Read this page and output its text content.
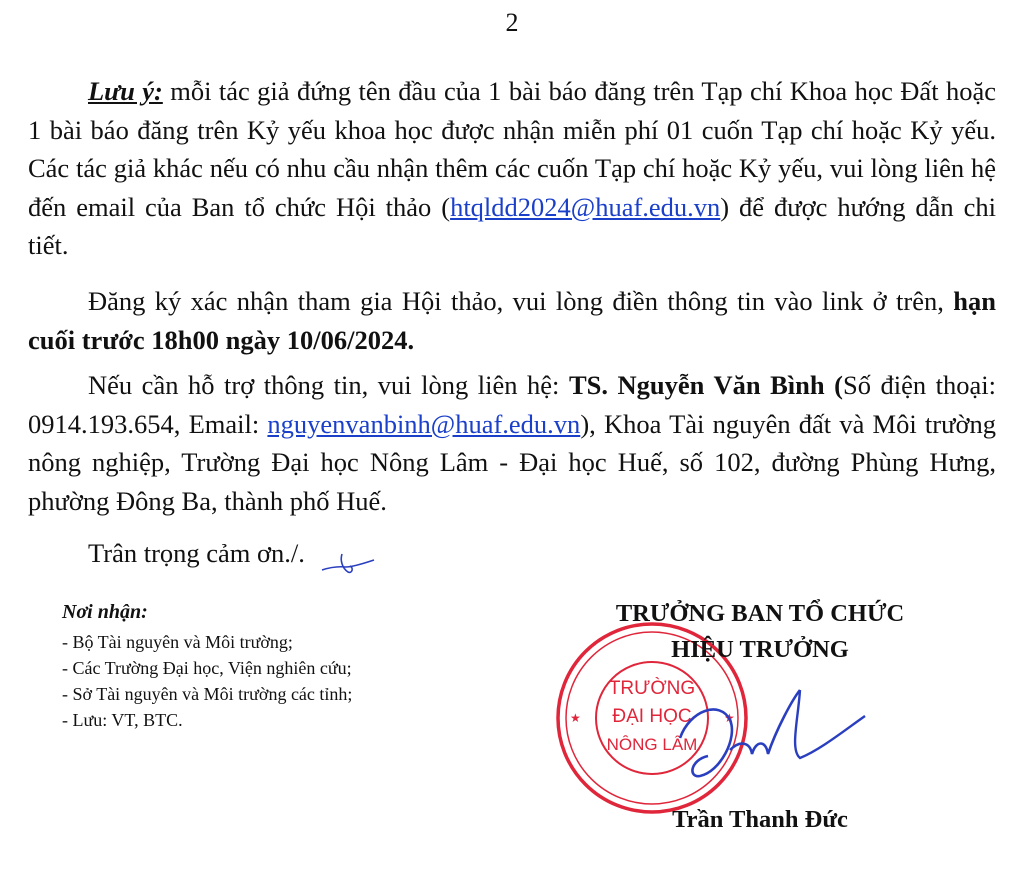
2
Lưu ý: mỗi tác giả đứng tên đầu của 1 bài báo đăng trên Tạp chí Khoa học Đất hoặc 1 bài báo đăng trên Kỷ yếu khoa học được nhận miễn phí 01 cuốn Tạp chí hoặc Kỷ yếu. Các tác giả khác nếu có nhu cầu nhận thêm các cuốn Tạp chí hoặc Kỷ yếu, vui lòng liên hệ đến email của Ban tổ chức Hội thảo (htqldd2024@huaf.edu.vn) để được hướng dẫn chi tiết.
Đăng ký xác nhận tham gia Hội thảo, vui lòng điền thông tin vào link ở trên, hạn cuối trước 18h00 ngày 10/06/2024.
Nếu cần hỗ trợ thông tin, vui lòng liên hệ: TS. Nguyễn Văn Bình (Số điện thoại: 0914.193.654, Email: nguyenvanbinh@huaf.edu.vn), Khoa Tài nguyên đất và Môi trường nông nghiệp, Trường Đại học Nông Lâm - Đại học Huế, số 102, đường Phùng Hưng, phường Đông Ba, thành phố Huế.
Trân trọng cảm ơn./.
Nơi nhận:
- Bộ Tài nguyên và Môi trường;
- Các Trường Đại học, Viện nghiên cứu;
- Sở Tài nguyên và Môi trường các tỉnh;
- Lưu: VT, BTC.
TRƯỜNG
ĐẠI HỌC
NÔNG LÂM
★	★
TRƯỞNG BAN TỔ CHỨC
HIỆU TRƯỞNG
Trần Thanh Đức
